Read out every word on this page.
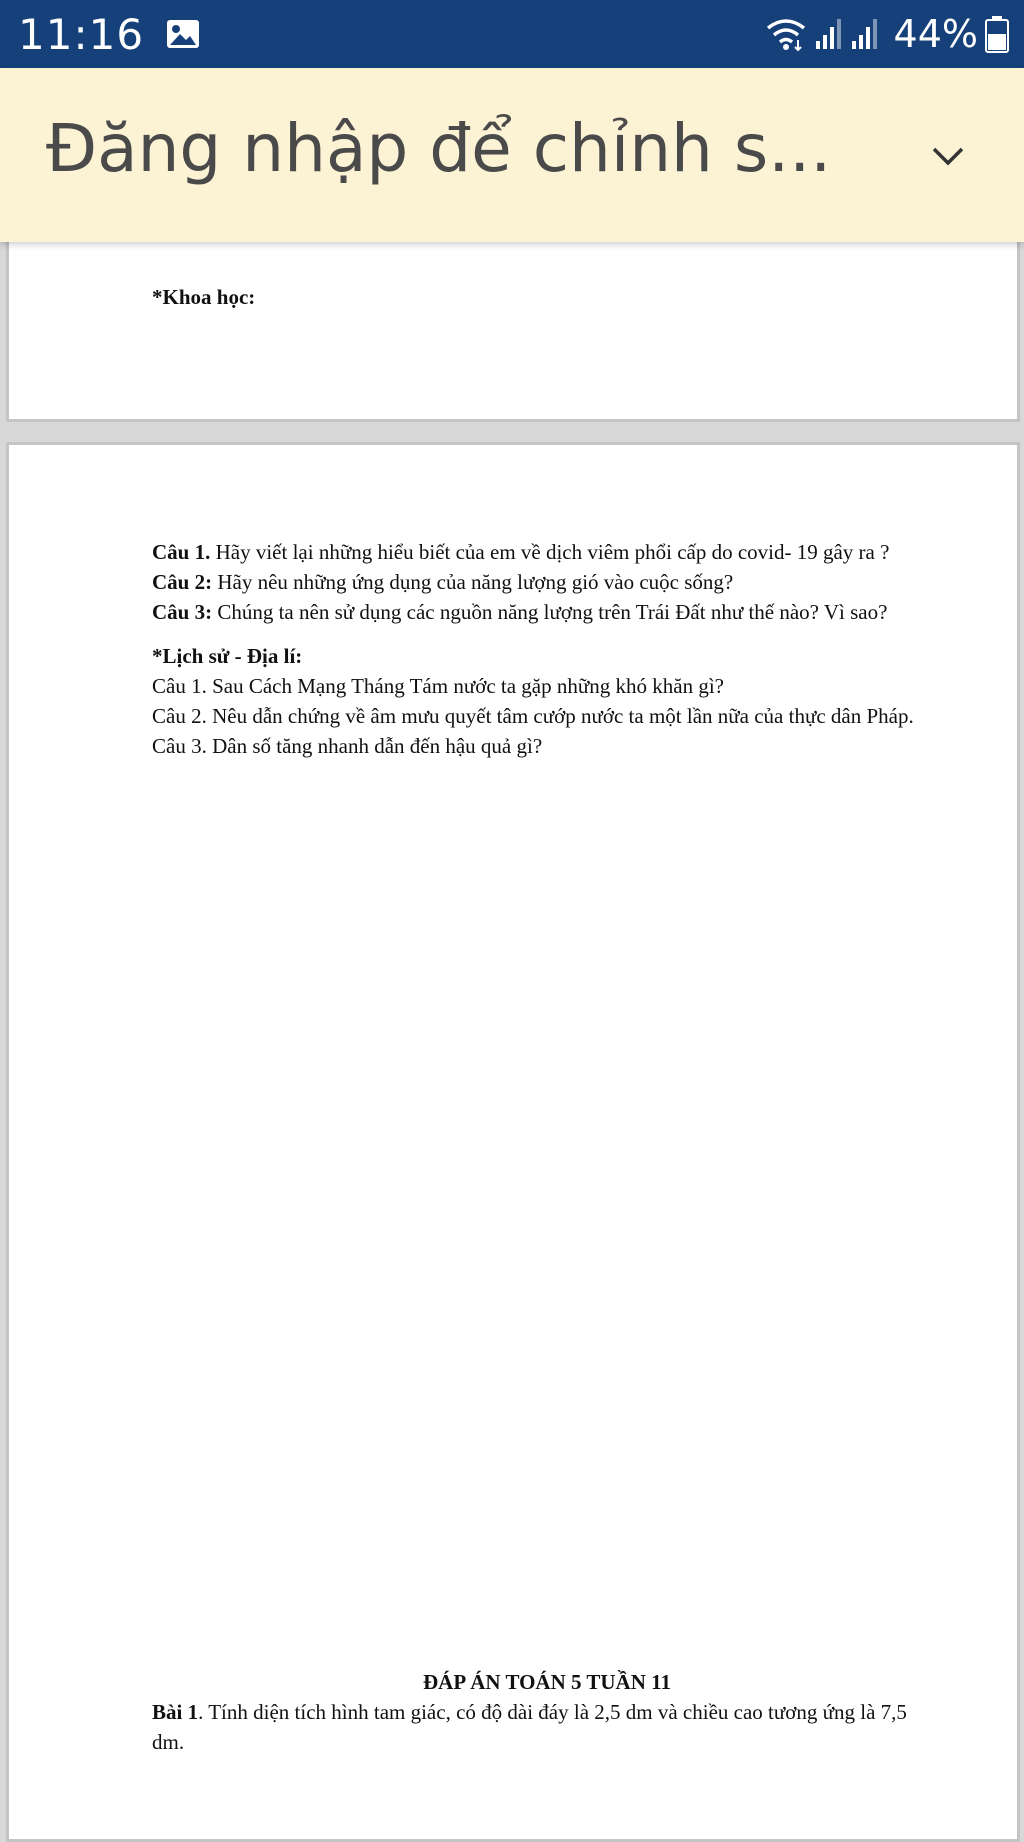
11:16	44%
Đăng nhập để chỉnh s...

*Khoa học:

Câu 1. Hãy viết lại những hiểu biết của em về dịch viêm phổi cấp do covid- 19 gây ra ?

Câu 2: Hãy nêu những ứng dụng của năng lượng gió vào cuộc sống?

Câu 3: Chúng ta nên sử dụng các nguồn năng lượng trên Trái Đất như thế nào? Vì sao?

*Lịch sử - Địa lí:

Câu 1. Sau Cách Mạng Tháng Tám nước ta gặp những khó khăn gì?

Câu 2. Nêu dẫn chứng về âm mưu quyết tâm cướp nước ta một lần nữa của thực dân Pháp.

Câu 3. Dân số tăng nhanh dẫn đến hậu quả gì?

ĐÁP ÁN TOÁN 5 TUẦN 11

Bài 1. Tính diện tích hình tam giác, có độ dài đáy là 2,5 dm và chiều cao tương ứng là 7,5 dm.
